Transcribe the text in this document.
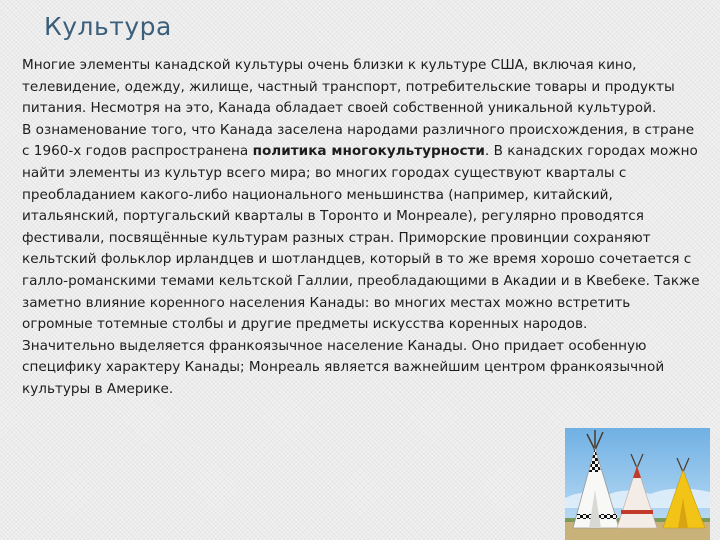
Культура

Многие элементы канадской культуры очень близки к культуре США, включая кино, телевидение, одежду, жилище, частный транспорт, потребительские товары и продукты питания. Несмотря на это, Канада обладает своей собственной уникальной культурой.

В ознаменование того, что Канада заселена народами различного происхождения, в стране с 1960-х годов распространена политика многокультурности. В канадских городах можно найти элементы из культур всего мира; во многих городах существуют кварталы с преобладанием какого-либо национального меньшинства (например, китайский, итальянский, португальский кварталы в Торонто и Монреале), регулярно проводятся фестивали, посвящённые культурам разных стран. Приморские провинции сохраняют кельтский фольклор ирландцев и шотландцев, который в то же время хорошо сочетается с галло-романскими темами кельтской Галлии, преобладающими в Акадии и в Квебеке. Также заметно влияние коренного населения Канады: во многих местах можно встретить огромные тотемные столбы и другие предметы искусства коренных народов.

Значительно выделяется франкоязычное население Канады. Оно придает особенную специфику характеру Канады; Монреаль является важнейшим центром франкоязычной культуры в Америке.
